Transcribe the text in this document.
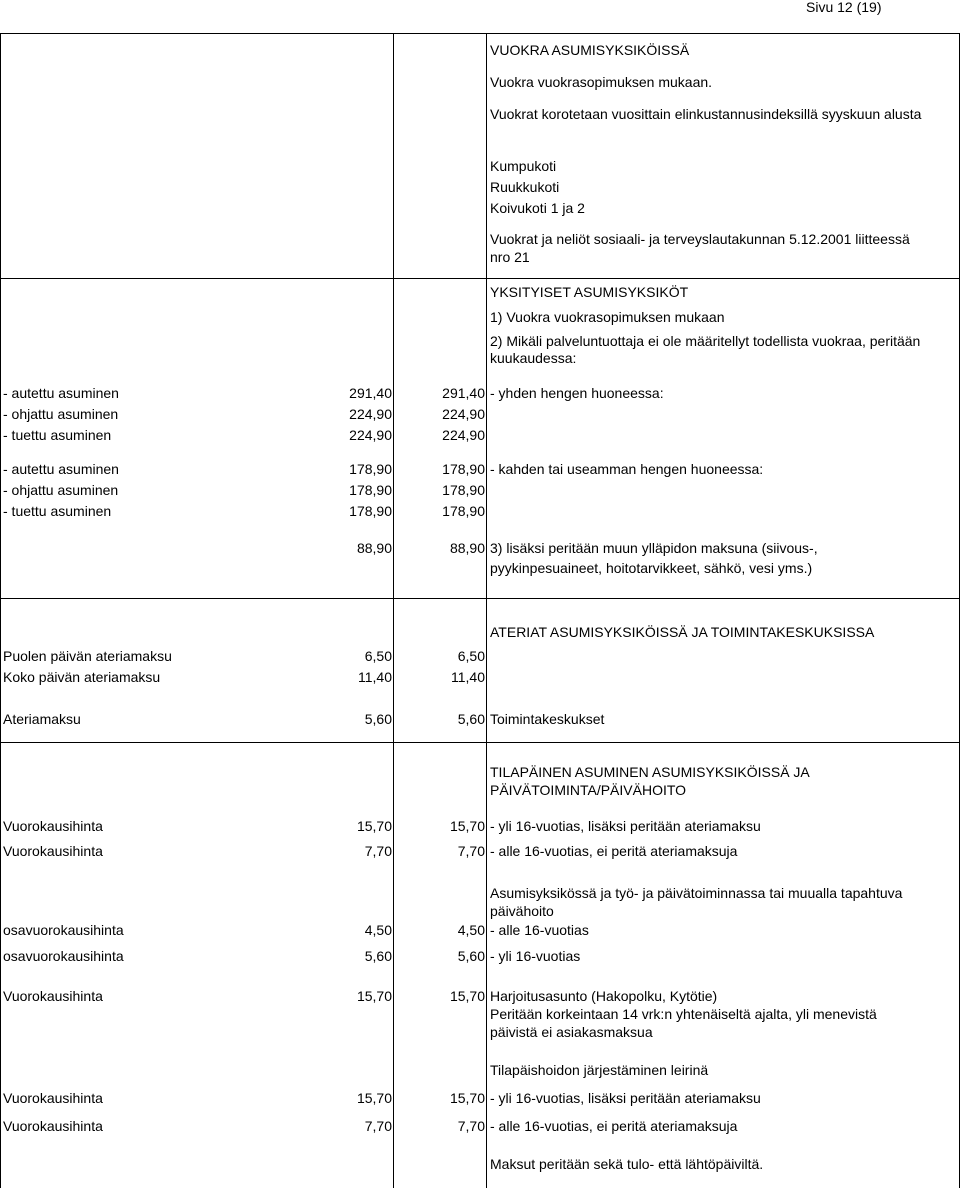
Sivu 12 (19)
VUOKRA ASUMISYKSIKÖISSÄ
Vuokra vuokrasopimuksen mukaan.
Vuokrat korotetaan vuosittain elinkustannusindeksillä syyskuun alusta
Kumpukoti
Ruukkukoti
Koivukoti 1 ja 2
Vuokrat ja neliöt sosiaali- ja terveyslautakunnan 5.12.2001 liitteessä
nro 21
YKSITYISET ASUMISYKSIKÖT
1) Vuokra vuokrasopimuksen mukaan
2) Mikäli palveluntuottaja ei ole määritellyt todellista vuokraa, peritään
kuukaudessa:
- autettu asuminen	291,40	291,40 - yhden hengen huoneessa:
- ohjattu asuminen	224,90	224,90
- tuettu asuminen	224,90	224,90
- autettu asuminen	178,90	178,90 - kahden tai useamman hengen huoneessa:
- ohjattu asuminen	178,90	178,90
- tuettu asuminen	178,90	178,90
88,90	88,90 3) lisäksi peritään muun ylläpidon maksuna (siivous-,
pyykinpesuaineet, hoitotarvikkeet, sähkö, vesi yms.)
ATERIAT ASUMISYKSIKÖISSÄ JA TOIMINTAKESKUKSISSA
Puolen päivän ateriamaksu	6,50	6,50
Koko päivän ateriamaksu	11,40	11,40
Ateriamaksu	5,60	5,60 Toimintakeskukset
TILAPÄINEN ASUMINEN ASUMISYKSIKÖISSÄ JA
PÄIVÄTOIMINTA/PÄIVÄHOITO
Vuorokausihinta	15,70	15,70 - yli 16-vuotias, lisäksi peritään ateriamaksu
Vuorokausihinta	7,70	7,70 - alle 16-vuotias, ei peritä ateriamaksuja
Asumisyksikössä ja työ- ja päivätoiminnassa tai muualla tapahtuva
päivähoito
osavuorokausihinta	4,50	4,50 - alle 16-vuotias
osavuorokausihinta	5,60	5,60 - yli 16-vuotias
Vuorokausihinta	15,70	15,70 Harjoitusasunto (Hakopolku, Kytötie)
Peritään korkeintaan 14 vrk:n yhtenäiseltä ajalta, yli menevistä
päivistä ei asiakasmaksua
Tilapäishoidon järjestäminen leirinä
Vuorokausihinta	15,70	15,70 - yli 16-vuotias, lisäksi peritään ateriamaksu
Vuorokausihinta	7,70	7,70 - alle 16-vuotias, ei peritä ateriamaksuja
Maksut peritään sekä tulo- että lähtöpäiviltä.
